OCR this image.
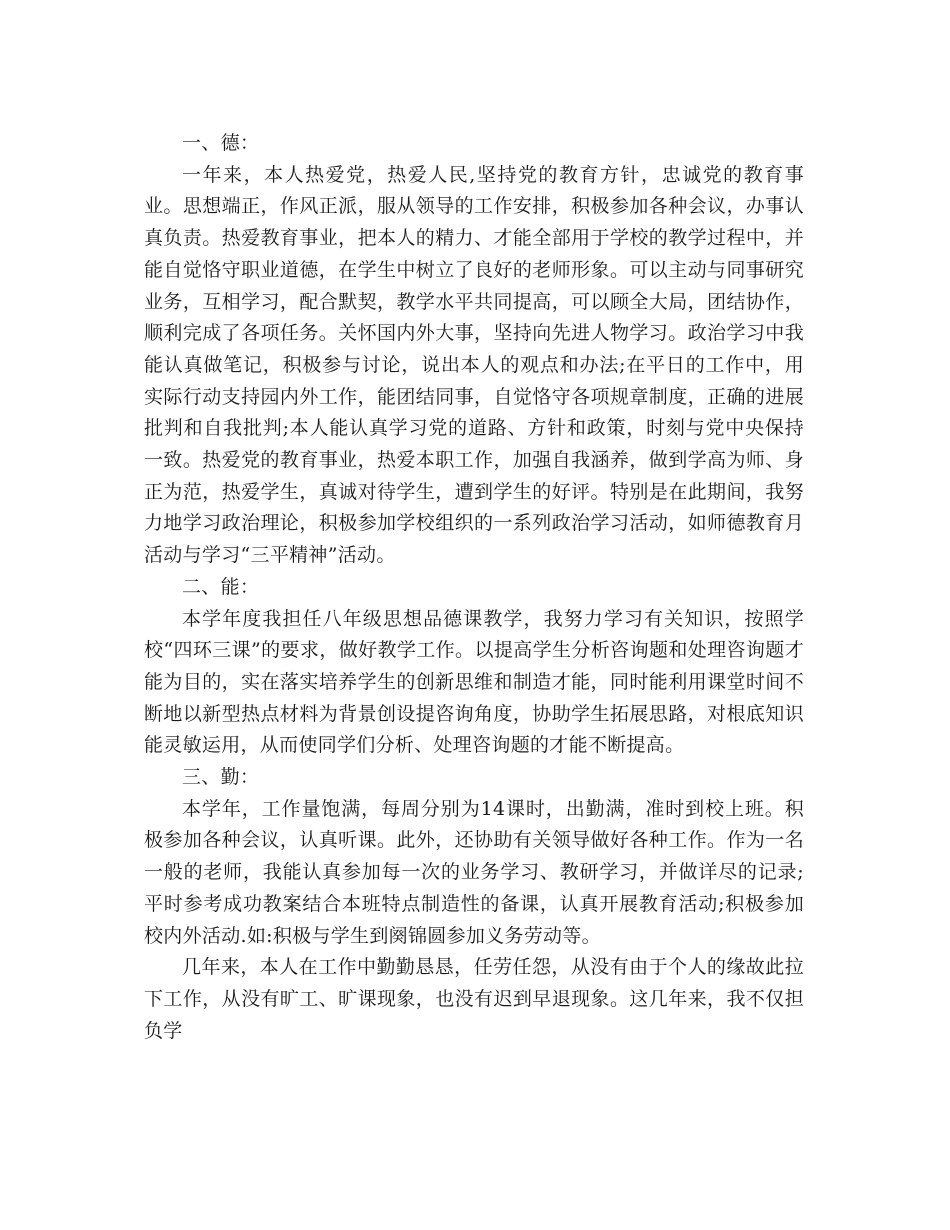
一、德：

一年来，本人热爱党，热爱人民,坚持党的教育方针，忠诚党的教育事业。思想端正，作风正派，服从领导的工作安排，积极参加各种会议，办事认真负责。热爱教育事业，把本人的精力、才能全部用于学校的教学过程中，并能自觉恪守职业道德，在学生中树立了良好的老师形象。可以主动与同事研究业务，互相学习，配合默契，教学水平共同提高，可以顾全大局，团结协作，顺利完成了各项任务。关怀国内外大事，坚持向先进人物学习。政治学习中我能认真做笔记，积极参与讨论，说出本人的观点和办法;在平日的工作中，用实际行动支持园内外工作，能团结同事，自觉恪守各项规章制度，正确的进展批判和自我批判;本人能认真学习党的道路、方针和政策，时刻与党中央保持一致。热爱党的教育事业，热爱本职工作，加强自我涵养，做到学高为师、身正为范，热爱学生，真诚对待学生，遭到学生的好评。特别是在此期间，我努力地学习政治理论，积极参加学校组织的一系列政治学习活动，如师德教育月活动与学习“三平精神”活动。

二、能：

本学年度我担任八年级思想品德课教学，我努力学习有关知识，按照学校“四环三课”的要求，做好教学工作。以提高学生分析咨询题和处理咨询题才能为目的，实在落实培养学生的创新思维和制造才能，同时能利用课堂时间不断地以新型热点材料为背景创设提咨询角度，协助学生拓展思路，对根底知识能灵敏运用，从而使同学们分析、处理咨询题的才能不断提高。

三、勤：

本学年，工作量饱满，每周分别为14课时，出勤满，准时到校上班。积极参加各种会议，认真听课。此外，还协助有关领导做好各种工作。作为一名一般的老师，我能认真参加每一次的业务学习、教研学习，并做详尽的记录;平时参考成功教案结合本班特点制造性的备课，认真开展教育活动;积极参加校内外活动.如:积极与学生到阕锦圆参加义务劳动等。

几年来，本人在工作中勤勤恳恳，任劳任怨，从没有由于个人的缘故此拉下工作，从没有旷工、旷课现象，也没有迟到早退现象。这几年来，我不仅担负学
